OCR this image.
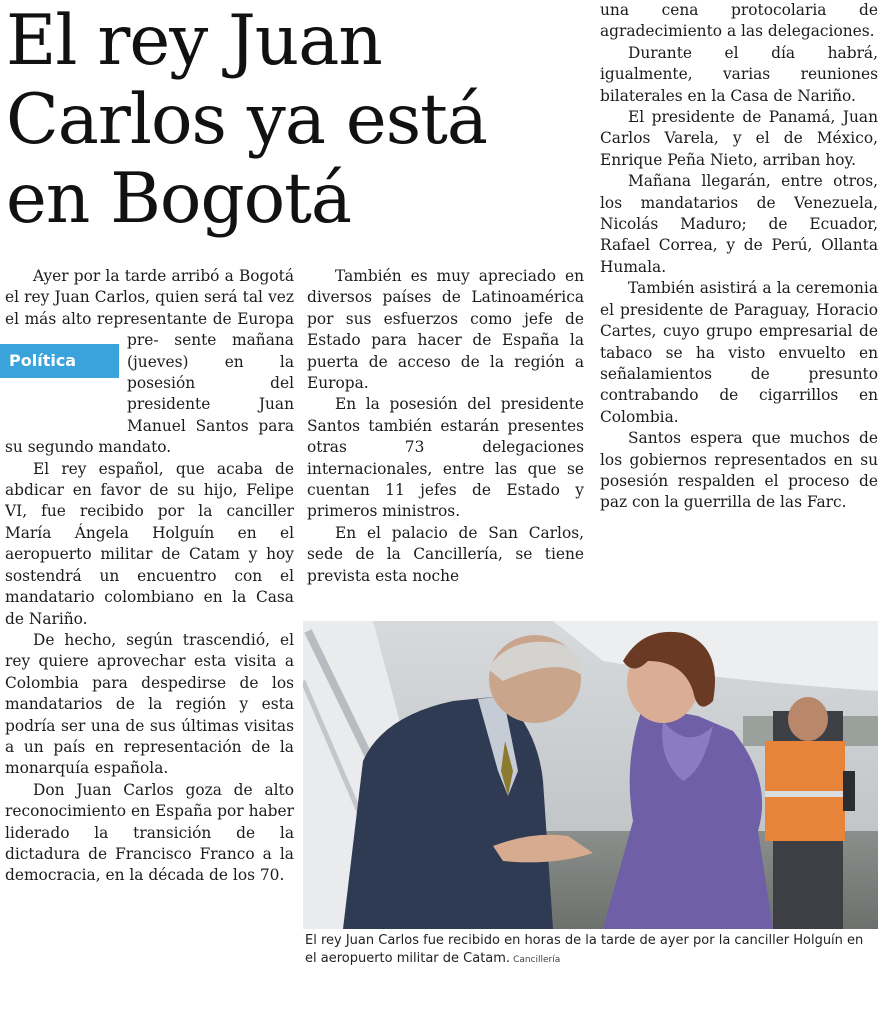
El rey Juan
Carlos ya está
en Bogotá

Ayer por la tarde arribó a Bogotá el rey Juan Carlos, quien será tal vez el más alto representante de Europa pre-
Política
sente mañana (jueves) en la posesión del presidente Juan Manuel Santos para su segundo mandato.

El rey español, que acaba de abdicar en favor de su hijo, Felipe VI, fue recibido por la canciller María Ángela Holguín en el aeropuerto militar de Catam y hoy sostendrá un encuentro con el mandatario colombiano en la Casa de Nariño.

De hecho, según trascendió, el rey quiere aprovechar esta visita a Colombia para despedirse de los mandatarios de la región y esta podría ser una de sus últimas visitas a un país en representación de la monarquía española.

Don Juan Carlos goza de alto reconocimiento en España por haber liderado la transición de la dictadura de Francisco Franco a la democracia, en la década de los 70.

También es muy apreciado en diversos países de Latinoamérica por sus esfuerzos como jefe de Estado para hacer de España la puerta de acceso de la región a Europa.

En la posesión del presidente Santos también estarán presentes otras 73 delegaciones internacionales, entre las que se cuentan 11 jefes de Estado y primeros ministros.

En el palacio de San Carlos, sede de la Cancillería, se tiene prevista esta noche

una cena protocolaria de agradecimiento a las delegaciones.

Durante el día habrá, igualmente, varias reuniones bilaterales en la Casa de Nariño.

El presidente de Panamá, Juan Carlos Varela, y el de México, Enrique Peña Nieto, arriban hoy.

Mañana llegarán, entre otros, los mandatarios de Venezuela, Nicolás Maduro; de Ecuador, Rafael Correa, y de Perú, Ollanta Humala.

También asistirá a la ceremonia el presidente de Paraguay, Horacio Cartes, cuyo grupo empresarial de tabaco se ha visto envuelto en señalamientos de presunto contrabando de cigarrillos en Colombia.

Santos espera que muchos de los gobiernos representados en su posesión respalden el proceso de paz con la guerrilla de las Farc.

El rey Juan Carlos fue recibido en horas de la tarde de ayer por la canciller Holguín en el aeropuerto militar de Catam. Cancillería
